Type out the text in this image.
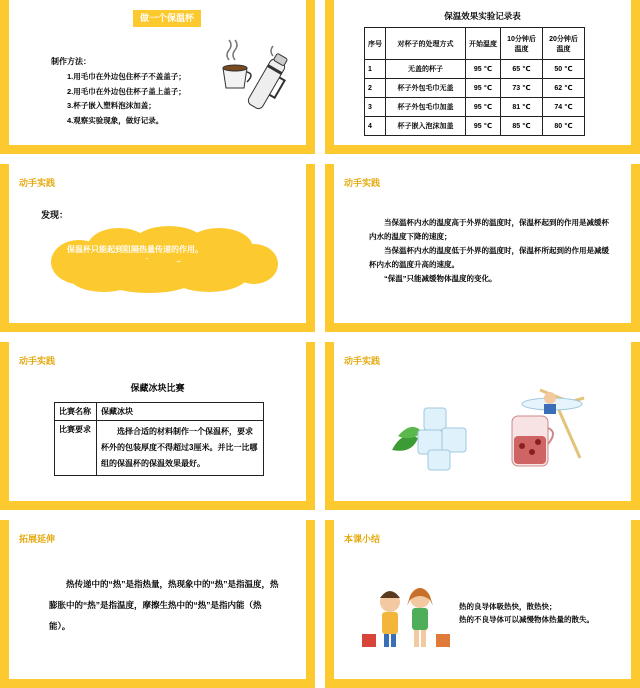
做一个保温杯
制作方法：
1.用毛巾在外边包住杯子不盖盖子；
2.用毛巾在外边包住杯子盖上盖子；
3.杯子嵌入塑料泡沫加盖；
4.观察实验现象，做好记录。
保温效果实验记录表
序号	对杯子的处理方式	开始温度	10分钟后温度	20分钟后温度
1	无盖的杯子	95 ℃	65 ℃	50 ℃
2	杯子外包毛巾无盖	95 ℃	73 ℃	62 ℃
3	杯子外包毛巾加盖	95 ℃	81 ℃	74 ℃
4	杯子嵌入泡沫加盖	95 ℃	85 ℃	80 ℃
动手实践
发现：
保温杯只能起到阻隔热量传递的作用。
动手实践

当保温杯内水的温度高于外界的温度时，保温杯起到的作用是减缓杯内水的温度下降的速度；

当保温杯内水的温度低于外界的温度时，保温杯所起到的作用是减缓杯内水的温度升高的速度。

“保温”只能减缓物体温度的变化。

动手实践
保藏冰块比赛
比赛名称	保藏冰块
比赛要求	选择合适的材料制作一个保温杯，要求杯外的包装厚度不得超过3厘米。并比一比哪组的保温杯的保温效果最好。
动手实践
拓展延伸
热传递中的“热”是指热量，热现象中的“热”是指温度，热膨胀中的“热”是指温度，摩擦生热中的“热”是指内能（热能）。
本课小结
热的良导体吸热快，散热快；
热的不良导体可以减慢物体热量的散失。
